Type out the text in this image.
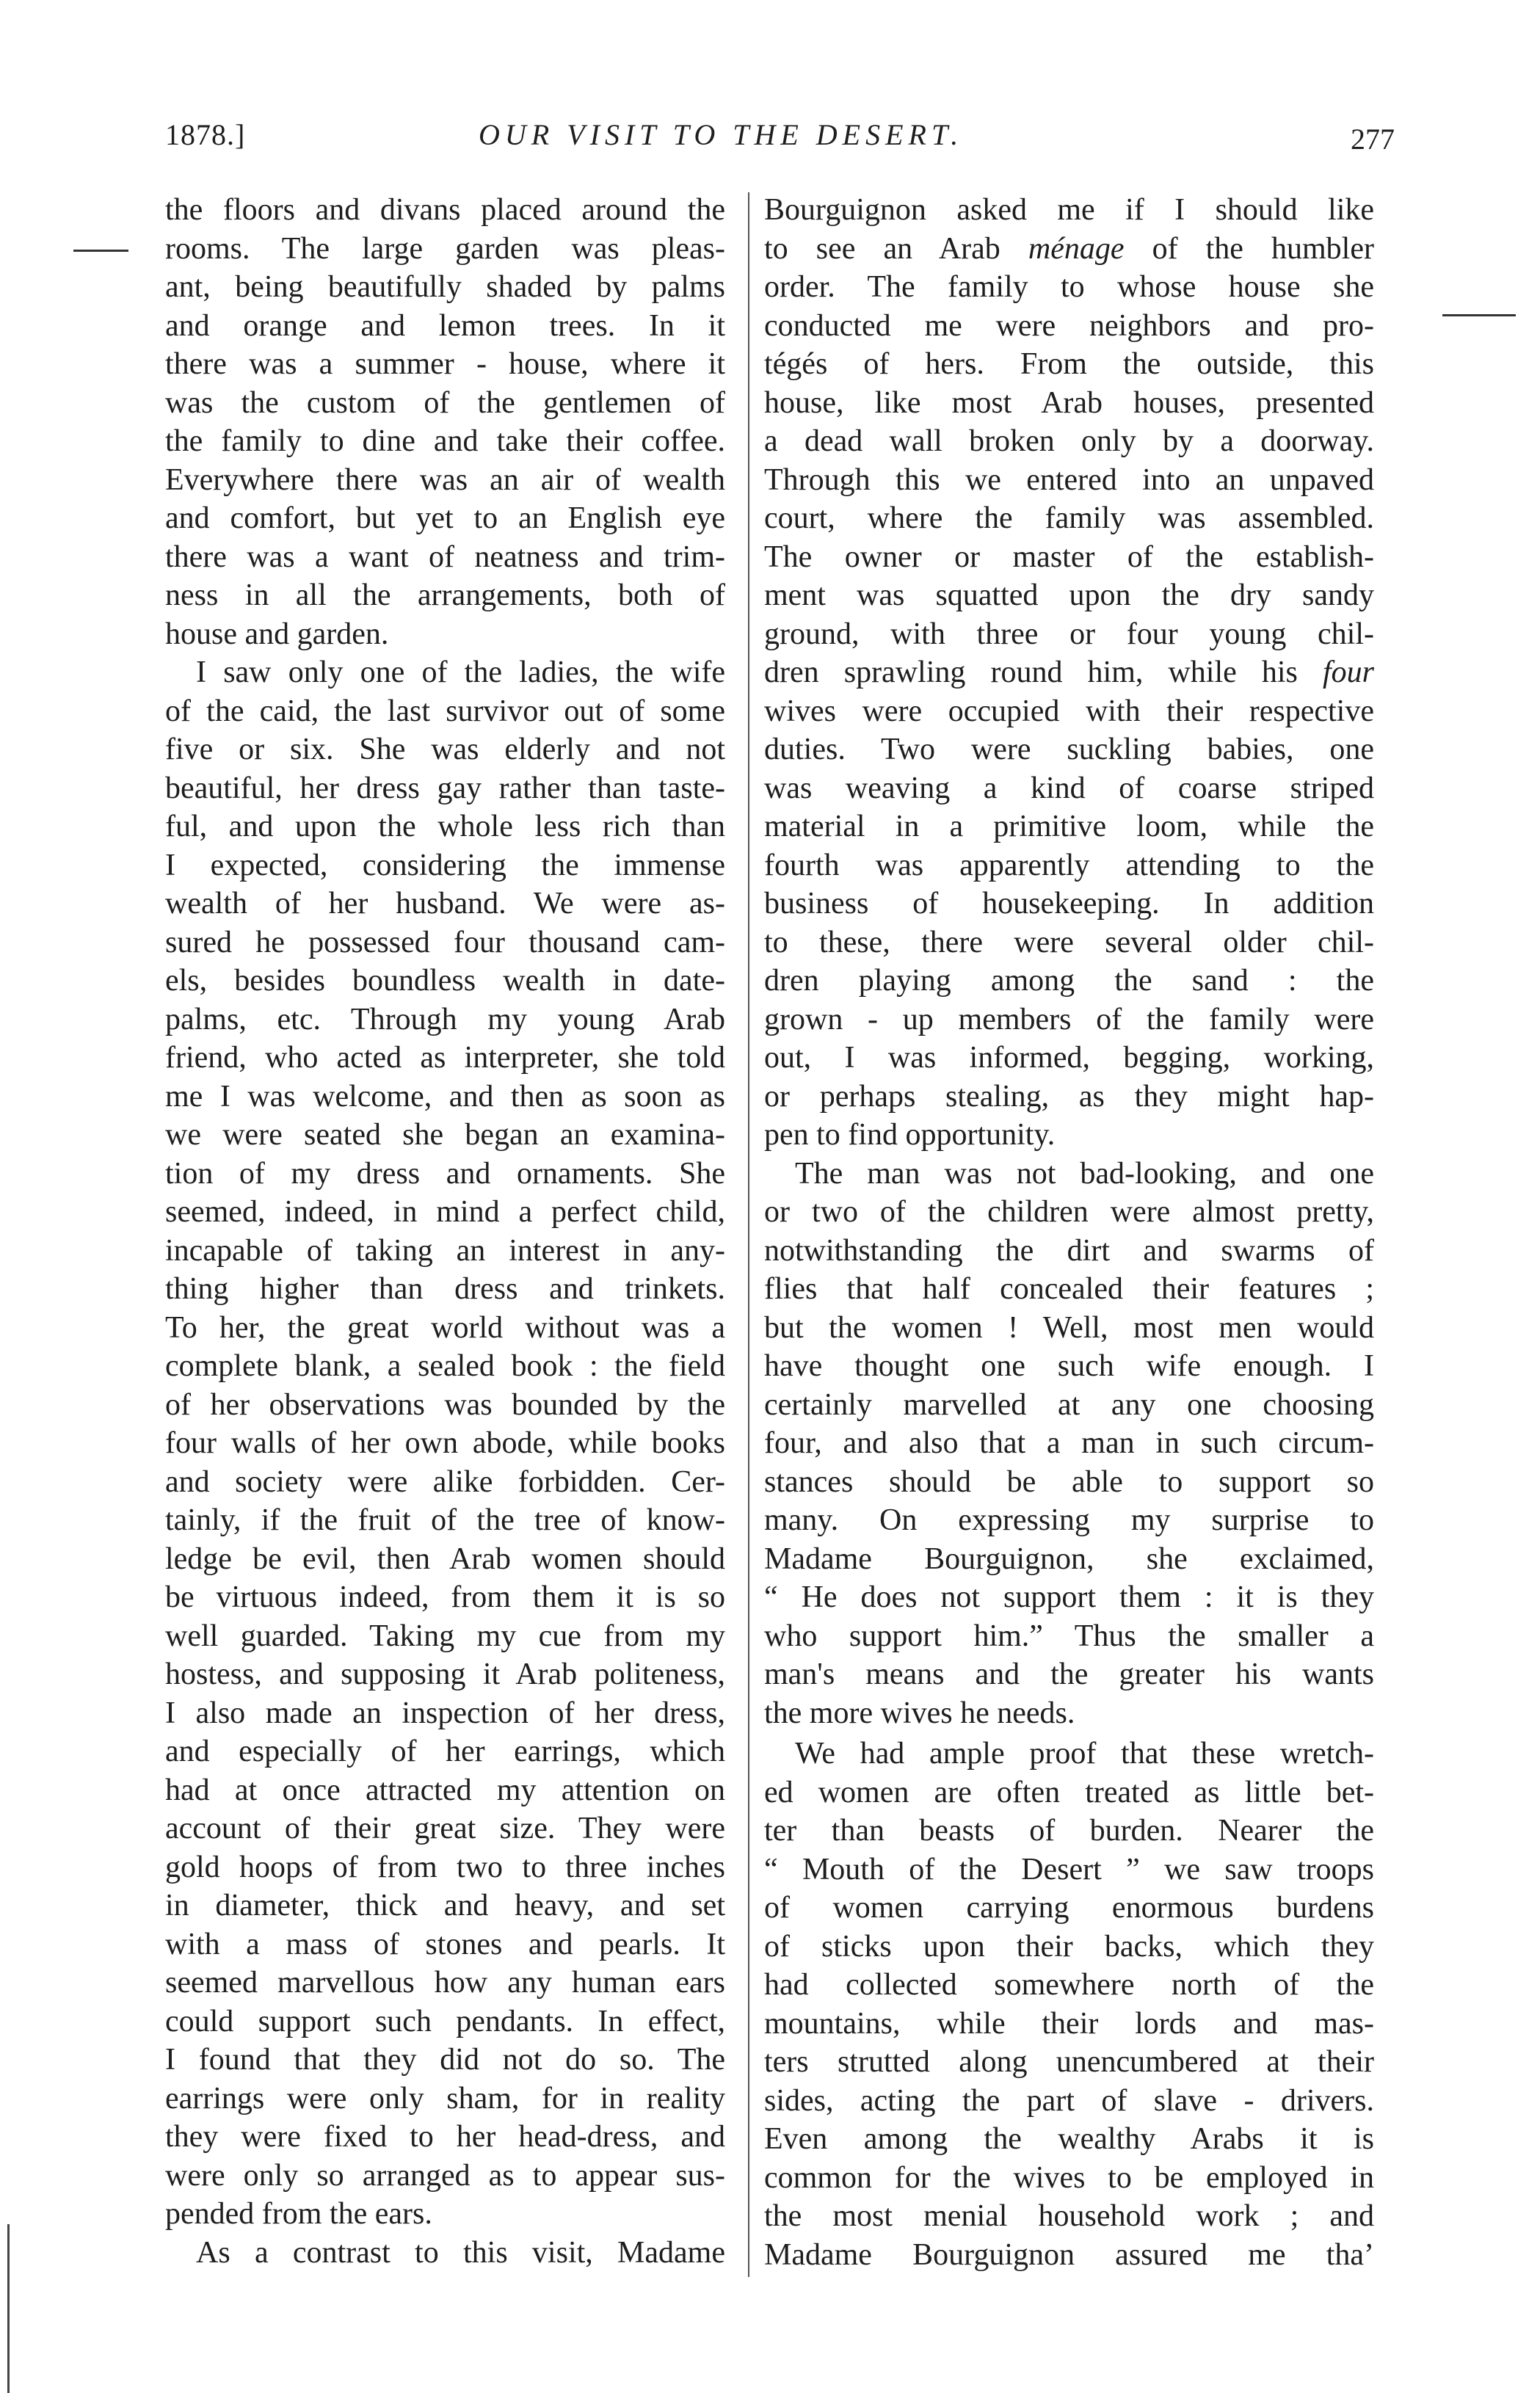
1878.]	OUR VISIT TO THE DESERT.	277
the floors and divans placed around the
rooms. The large garden was pleas-
ant, being beautifully shaded by palms
and orange and lemon trees. In it
there was a summer - house, where it
was the custom of the gentlemen of
the family to dine and take their coffee.
Everywhere there was an air of wealth
and comfort, but yet to an English eye
there was a want of neatness and trim-
ness in all the arrangements, both of
house and garden.
I saw only one of the ladies, the wife
of the caid, the last survivor out of some
five or six. She was elderly and not
beautiful, her dress gay rather than taste-
ful, and upon the whole less rich than
I expected, considering the immense
wealth of her husband. We were as-
sured he possessed four thousand cam-
els, besides boundless wealth in date-
palms, etc. Through my young Arab
friend, who acted as interpreter, she told
me I was welcome, and then as soon as
we were seated she began an examina-
tion of my dress and ornaments. She
seemed, indeed, in mind a perfect child,
incapable of taking an interest in any-
thing higher than dress and trinkets.
To her, the great world without was a
complete blank, a sealed book : the field
of her observations was bounded by the
four walls of her own abode, while books
and society were alike forbidden. Cer-
tainly, if the fruit of the tree of know-
ledge be evil, then Arab women should
be virtuous indeed, from them it is so
well guarded. Taking my cue from my
hostess, and supposing it Arab politeness,
I also made an inspection of her dress,
and especially of her earrings, which
had at once attracted my attention on
account of their great size. They were
gold hoops of from two to three inches
in diameter, thick and heavy, and set
with a mass of stones and pearls. It
seemed marvellous how any human ears
could support such pendants. In effect,
I found that they did not do so. The
earrings were only sham, for in reality
they were fixed to her head-dress, and
were only so arranged as to appear sus-
pended from the ears.
As a contrast to this visit, Madame
Bourguignon asked me if I should like
to see an Arab ménage of the humbler
order. The family to whose house she
conducted me were neighbors and pro-
tégés of hers. From the outside, this
house, like most Arab houses, presented
a dead wall broken only by a doorway.
Through this we entered into an unpaved
court, where the family was assembled.
The owner or master of the establish-
ment was squatted upon the dry sandy
ground, with three or four young chil-
dren sprawling round him, while his four
wives were occupied with their respective
duties. Two were suckling babies, one
was weaving a kind of coarse striped
material in a primitive loom, while the
fourth was apparently attending to the
business of housekeeping. In addition
to these, there were several older chil-
dren playing among the sand : the
grown - up members of the family were
out, I was informed, begging, working,
or perhaps stealing, as they might hap-
pen to find opportunity.
The man was not bad-looking, and one
or two of the children were almost pretty,
notwithstanding the dirt and swarms of
flies that half concealed their features ;
but the women ! Well, most men would
have thought one such wife enough. I
certainly marvelled at any one choosing
four, and also that a man in such circum-
stances should be able to support so
many. On expressing my surprise to
Madame Bourguignon, she exclaimed,
“ He does not support them : it is they
who support him.” Thus the smaller a
man's means and the greater his wants
the more wives he needs.
We had ample proof that these wretch-
ed women are often treated as little bet-
ter than beasts of burden. Nearer the
“ Mouth of the Desert ” we saw troops
of women carrying enormous burdens
of sticks upon their backs, which they
had collected somewhere north of the
mountains, while their lords and mas-
ters strutted along unencumbered at their
sides, acting the part of slave - drivers.
Even among the wealthy Arabs it is
common for the wives to be employed in
the most menial household work ; and
Madame Bourguignon assured me tha’
